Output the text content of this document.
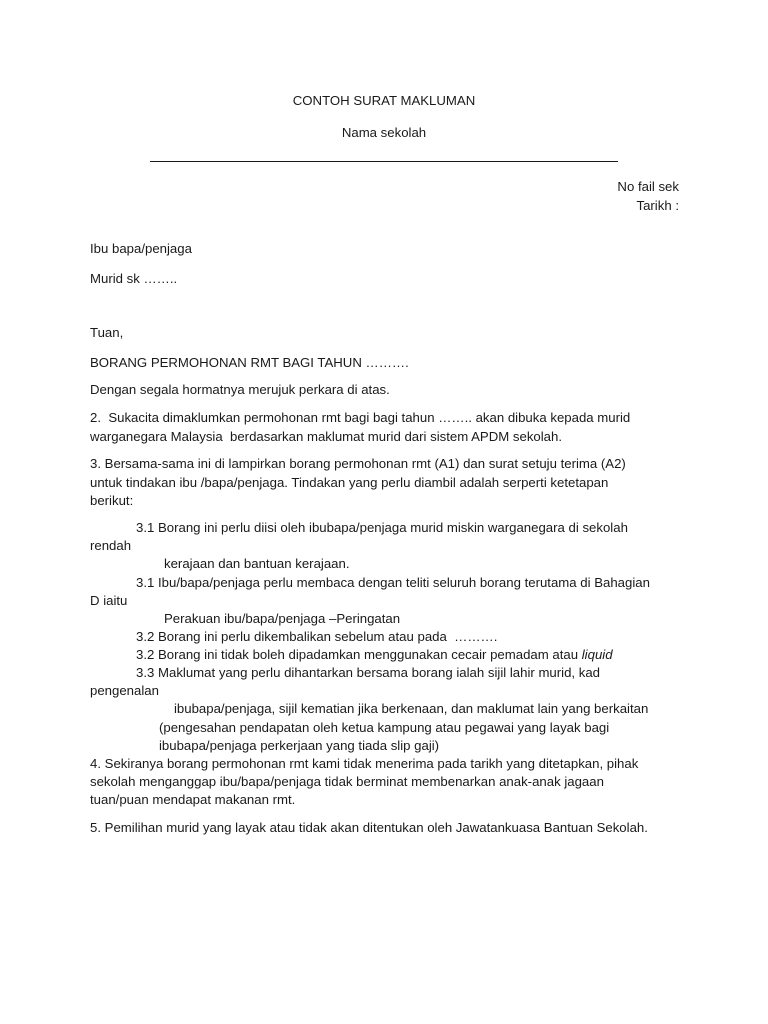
CONTOH SURAT MAKLUMAN
Nama sekolah
No fail sek
Tarikh :
Ibu bapa/penjaga
Murid sk ……..
Tuan,
BORANG PERMOHONAN RMT BAGI TAHUN ……….
Dengan segala hormatnya merujuk perkara di atas.
2.  Sukacita dimaklumkan permohonan rmt bagi bagi tahun …….. akan dibuka kepada murid
warganegara Malaysia  berdasarkan maklumat murid dari sistem APDM sekolah.
3. Bersama-sama ini di lampirkan borang permohonan rmt (A1) dan surat setuju terima (A2)
untuk tindakan ibu /bapa/penjaga. Tindakan yang perlu diambil adalah serperti ketetapan
berikut:
3.1 Borang ini perlu diisi oleh ibubapa/penjaga murid miskin warganegara di sekolah
rendah
kerajaan dan bantuan kerajaan.
3.1 Ibu/bapa/penjaga perlu membaca dengan teliti seluruh borang terutama di Bahagian
D iaitu
Perakuan ibu/bapa/penjaga –Peringatan
3.2 Borang ini perlu dikembalikan sebelum atau pada  ……….
3.2 Borang ini tidak boleh dipadamkan menggunakan cecair pemadam atau liquid
3.3 Maklumat yang perlu dihantarkan bersama borang ialah sijil lahir murid, kad
pengenalan
ibubapa/penjaga, sijil kematian jika berkenaan, dan maklumat lain yang berkaitan
(pengesahan pendapatan oleh ketua kampung atau pegawai yang layak bagi
ibubapa/penjaga perkerjaan yang tiada slip gaji)
4. Sekiranya borang permohonan rmt kami tidak menerima pada tarikh yang ditetapkan, pihak
sekolah menganggap ibu/bapa/penjaga tidak berminat membenarkan anak-anak jagaan
tuan/puan mendapat makanan rmt.
5. Pemilihan murid yang layak atau tidak akan ditentukan oleh Jawatankuasa Bantuan Sekolah.
